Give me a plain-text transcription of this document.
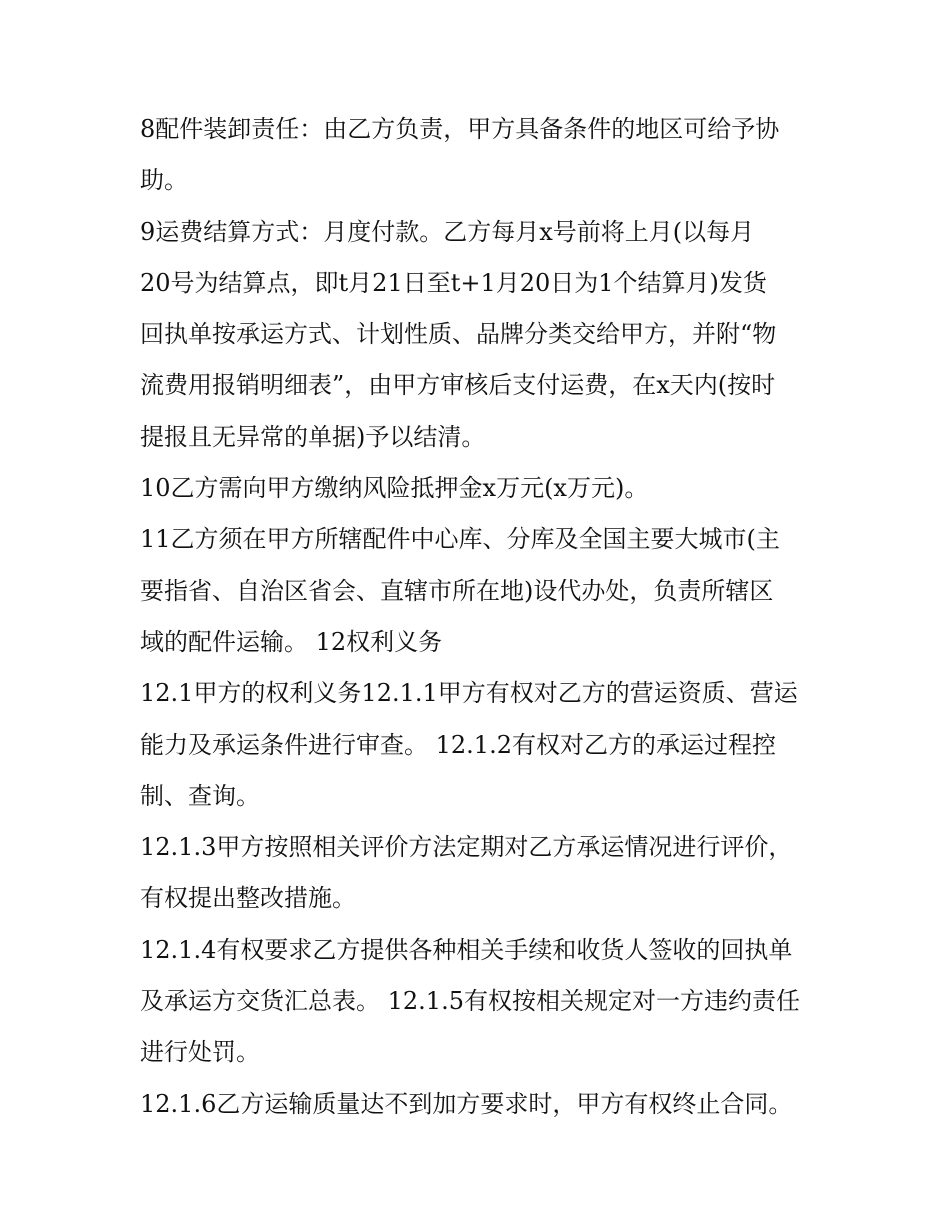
8配件装卸责任：由乙方负责，甲方具备条件的地区可给予协
助。

9运费结算方式：月度付款。乙方每月x号前将上月(以每月
20号为结算点，即t月21日至t+1月20日为1个结算月)发货
回执单按承运方式、计划性质、品牌分类交给甲方，并附“物
流费用报销明细表”，由甲方审核后支付运费，在x天内(按时
提报且无异常的单据)予以结清。

10乙方需向甲方缴纳风险抵押金x万元(x万元)。

11乙方须在甲方所辖配件中心库、分库及全国主要大城市(主
要指省、自治区省会、直辖市所在地)设代办处，负责所辖区
域的配件运输。 12权利义务

12.1甲方的权利义务12.1.1甲方有权对乙方的营运资质、营运
能力及承运条件进行审查。 12.1.2有权对乙方的承运过程控
制、查询。

12.1.3甲方按照相关评价方法定期对乙方承运情况进行评价，
有权提出整改措施。

12.1.4有权要求乙方提供各种相关手续和收货人签收的回执单
及承运方交货汇总表。 12.1.5有权按相关规定对一方违约责任
进行处罚。

12.1.6乙方运输质量达不到加方要求时，甲方有权终止合同。
